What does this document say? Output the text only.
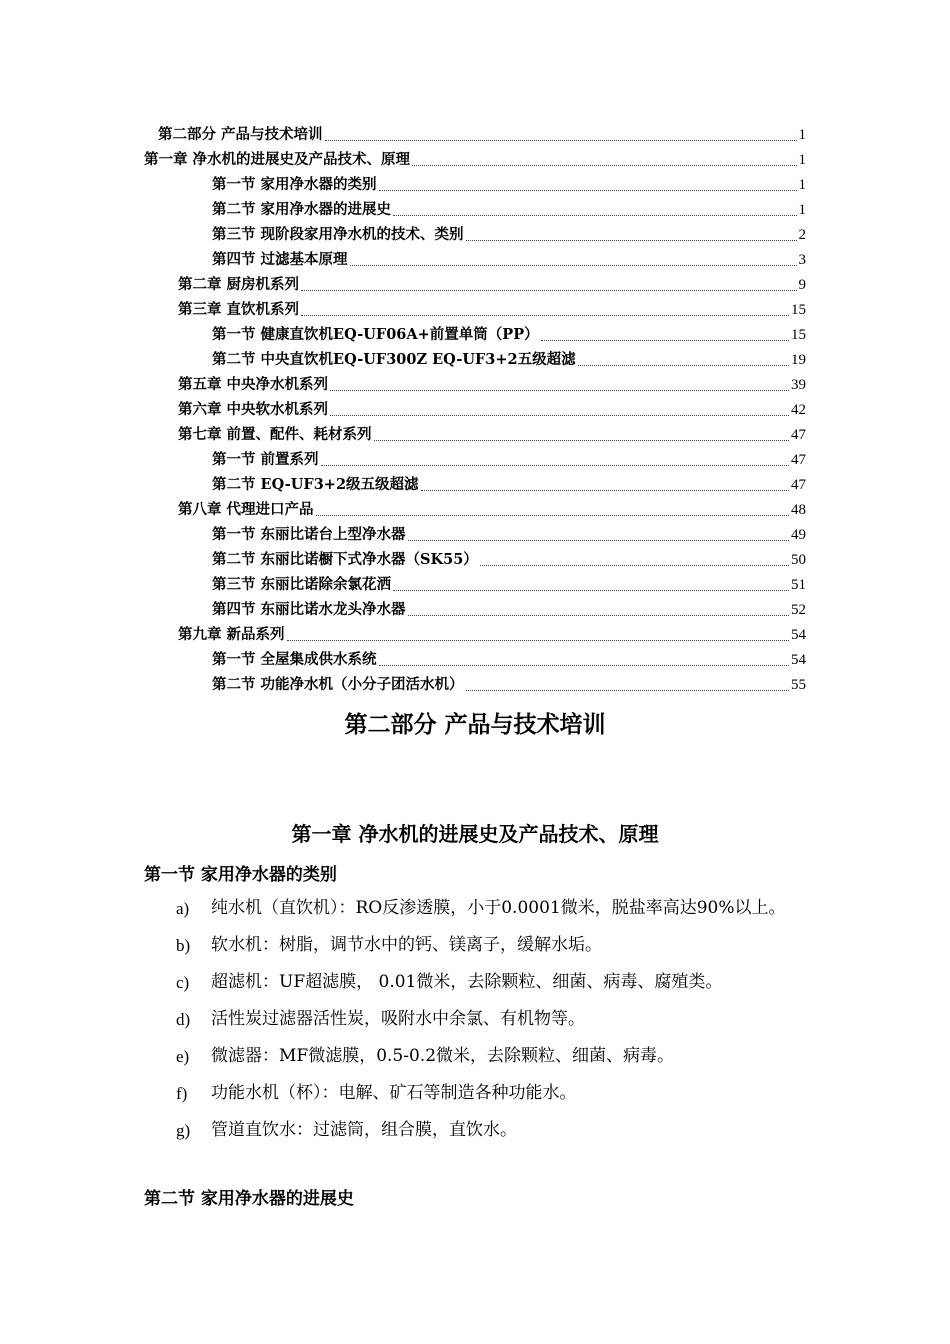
第二部分 产品与技术培训	1
第一章 净水机的进展史及产品技术、原理	1
第一节 家用净水器的类别	1
第二节 家用净水器的进展史	1
第三节 现阶段家用净水机的技术、类别	2
第四节 过滤基本原理	3
第二章 厨房机系列	9
第三章 直饮机系列	15
第一节 健康直饮机EQ-UF06A+前置单筒（PP）	15
第二节 中央直饮机EQ-UF300Z EQ-UF3+2五级超滤	19
第五章 中央净水机系列	39
第六章 中央软水机系列	42
第七章 前置、配件、耗材系列	47
第一节 前置系列	47
第二节 EQ-UF3+2级五级超滤	47
第八章 代理进口产品	48
第一节 东丽比诺台上型净水器	49
第二节 东丽比诺橱下式净水器（SK55）	50
第三节 东丽比诺除余氯花洒	51
第四节 东丽比诺水龙头净水器	52
第九章 新品系列	54
第一节 全屋集成供水系统	54
第二节 功能净水机（小分子团活水机）	55
第二部分 产品与技术培训
第一章 净水机的进展史及产品技术、原理
第一节 家用净水器的类别
a)	纯水机（直饮机）：RO反渗透膜，小于0.0001微米，脱盐率高达90%以上。
b)	软水机：树脂，调节水中的钙、镁离子，缓解水垢。
c)	超滤机：UF超滤膜， 0.01微米，去除颗粒、细菌、病毒、腐殖类。
d)	活性炭过滤器活性炭，吸附水中余氯、有机物等。
e)	微滤器：MF微滤膜，0.5-0.2微米，去除颗粒、细菌、病毒。
f)	功能水机（杯）：电解、矿石等制造各种功能水。
g)	管道直饮水：过滤筒，组合膜，直饮水。
第二节 家用净水器的进展史
